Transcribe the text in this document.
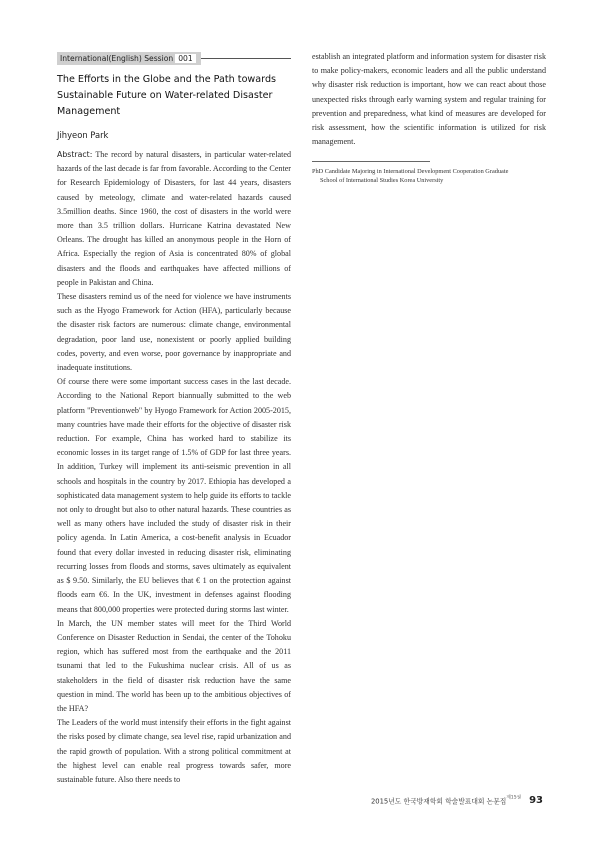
International(English) Session 001
The Efforts in the Globe and the Path towards Sustainable Future on Water-related Disaster Management
Jihyeon Park

Abstract: The record by natural disasters, in particular water-related hazards of the last decade is far from favorable. According to the Center for Research Epidemiology of Disasters, for last 44 years, disasters caused by meteology, climate and water-related hazards caused 3.5million deaths. Since 1960, the cost of disasters in the world were more than 3.5 trillion dollars. Hurricane Katrina devastated New Orleans. The drought has killed an anonymous people in the Horn of Africa. Especially the region of Asia is concentrated 80% of global disasters and the floods and earthquakes have affected millions of people in Pakistan and China.

These disasters remind us of the need for violence we have instruments such as the Hyogo Framework for Action (HFA), particularly because the disaster risk factors are numerous: climate change, environmental degradation, poor land use, nonexistent or poorly applied building codes, poverty, and even worse, poor governance by inappropriate and inadequate institutions.

Of course there were some important success cases in the last decade. According to the National Report biannually submitted to the web platform "Preventionweb" by Hyogo Framework for Action 2005-2015, many countries have made their efforts for the objective of disaster risk reduction. For example, China has worked hard to stabilize its economic losses in its target range of 1.5% of GDP for last three years. In addition, Turkey will implement its anti-seismic prevention in all schools and hospitals in the country by 2017. Ethiopia has developed a sophisticated data management system to help guide its efforts to tackle not only to drought but also to other natural hazards. These countries as well as many others have included the study of disaster risk in their policy agenda. In Latin America, a cost-benefit analysis in Ecuador found that every dollar invested in reducing disaster risk, eliminating recurring losses from floods and storms, saves ultimately as equivalent as $ 9.50. Similarly, the EU believes that € 1 on the protection against floods earn €6. In the UK, investment in defenses against flooding means that 800,000 properties were protected during storms last winter.

In March, the UN member states will meet for the Third World Conference on Disaster Reduction in Sendai, the center of the Tohoku region, which has suffered most from the earthquake and the 2011 tsunami that led to the Fukushima nuclear crisis. All of us as stakeholders in the field of disaster risk reduction have the same question in mind. The world has been up to the ambitious objectives of the HFA?

The Leaders of the world must intensify their efforts in the fight against the risks posed by climate change, sea level rise, rapid urbanization and the rapid growth of population. With a strong political commitment at the highest level can enable real progress towards safer, more sustainable future. Also there needs to

establish an integrated platform and information system for disaster risk to make policy-makers, economic leaders and all the public understand why disaster risk reduction is important, how we can react about those unexpected risks through early warning system and regular training for prevention and preparedness, what kind of measures are developed for risk assessment, how the scientific information is utilized for risk management.

PhD Candidate Majoring in International Development Cooperation Graduate
School of International Studies Korea University
2015년도 한국방재학회 학술발표대회 논문집$^{제15권}$ 93
